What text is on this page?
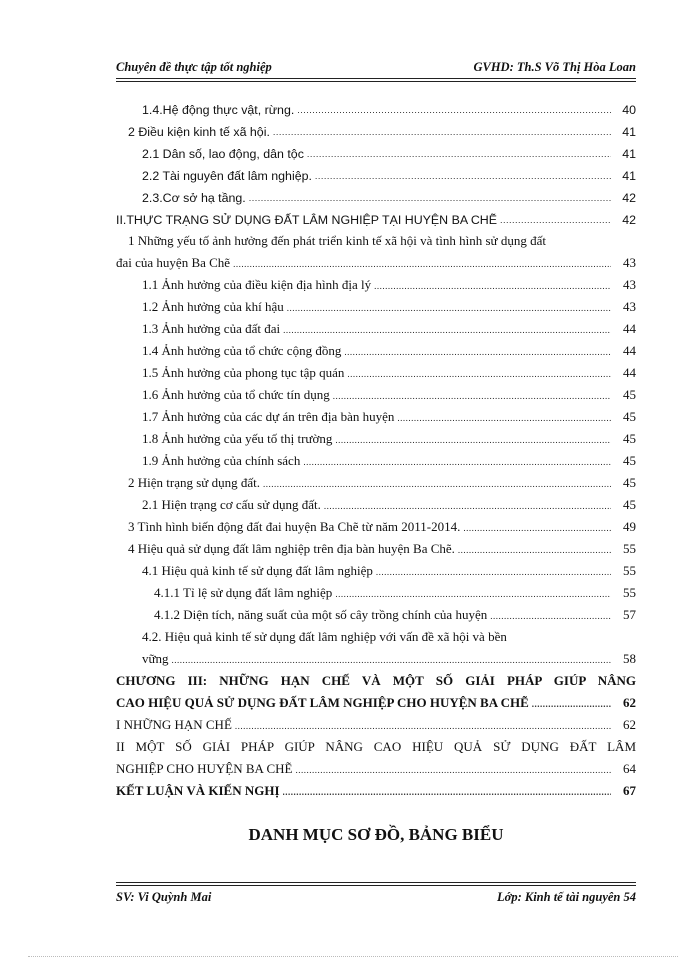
Chuyên đề thực tập tốt nghiệp	GVHD: Th.S Võ Thị Hòa Loan
1.4.Hệ động thực vật, rừng. .....	40
2 Điều kiện kinh tế xã hội. .....	41
2.1 Dân số, lao động, dân tộc .....	41
2.2 Tài nguyên đất lâm nghiệp. .....	41
2.3.Cơ sở hạ tầng. .....	42
II.THỰC TRẠNG SỬ DỤNG ĐẤT LÂM NGHIỆP TẠI HUYỆN BA CHẼ .....	42
1 Những yếu tố ảnh hưởng đến phát triển kinh tế xã hội và tình hình sử dụng đất
đai của huyện Ba Chẽ .....	43
1.1 Ảnh hưởng của điều kiện địa hình địa lý .....	43
1.2 Ảnh hưởng của khí hậu .....	43
1.3 Ảnh hưởng của đất đai .....	44
1.4 Ảnh hưởng của tổ chức cộng đồng .....	44
1.5 Ảnh hưởng của phong tục tập quán .....	44
1.6 Ảnh hưởng của tổ chức tín dụng .....	45
1.7 Ảnh hưởng của các dự án trên địa bàn huyện .....	45
1.8 Ảnh hưởng của yếu tố thị trường .....	45
1.9 Ảnh hưởng của chính sách .....	45
2 Hiện trạng sử dụng đất. .....	45
2.1 Hiện trạng cơ cấu sử dụng đất. .....	45
3 Tình hình biến động đất đai huyện Ba Chẽ từ năm 2011-2014. .....	49
4 Hiệu quả sử dụng đất lâm nghiệp trên địa bàn huyện Ba Chẽ. .....	55
4.1 Hiệu quả kinh tế sử dụng đất lâm nghiệp .....	55
4.1.1 Tỉ lệ sử dụng đất lâm nghiệp .....	55
4.1.2 Diện tích, năng suất của một số cây trồng chính của huyện .....	57
4.2. Hiệu quả kinh tế sử dụng đất lâm nghiệp với vấn đề xã hội và bền
vững .....	58
CHƯƠNG III: NHỮNG HẠN CHẾ VÀ MỘT SỐ GIẢI PHÁP GIÚP NÂNG
CAO HIỆU QUẢ SỬ DỤNG ĐẤT LÂM NGHIỆP CHO HUYỆN BA CHẼ .....	62
I NHỮNG HẠN CHẾ .....	62
II MỘT SỐ GIẢI PHÁP GIÚP NÂNG CAO HIỆU QUẢ SỬ DỤNG ĐẤT LÂM
NGHIỆP CHO HUYỆN BA CHẼ .....	64
KẾT LUẬN VÀ KIẾN NGHỊ .....	67
DANH MỤC SƠ ĐỒ, BẢNG BIỂU
SV: Vi Quỳnh Mai	Lớp: Kinh tế tài nguyên 54
